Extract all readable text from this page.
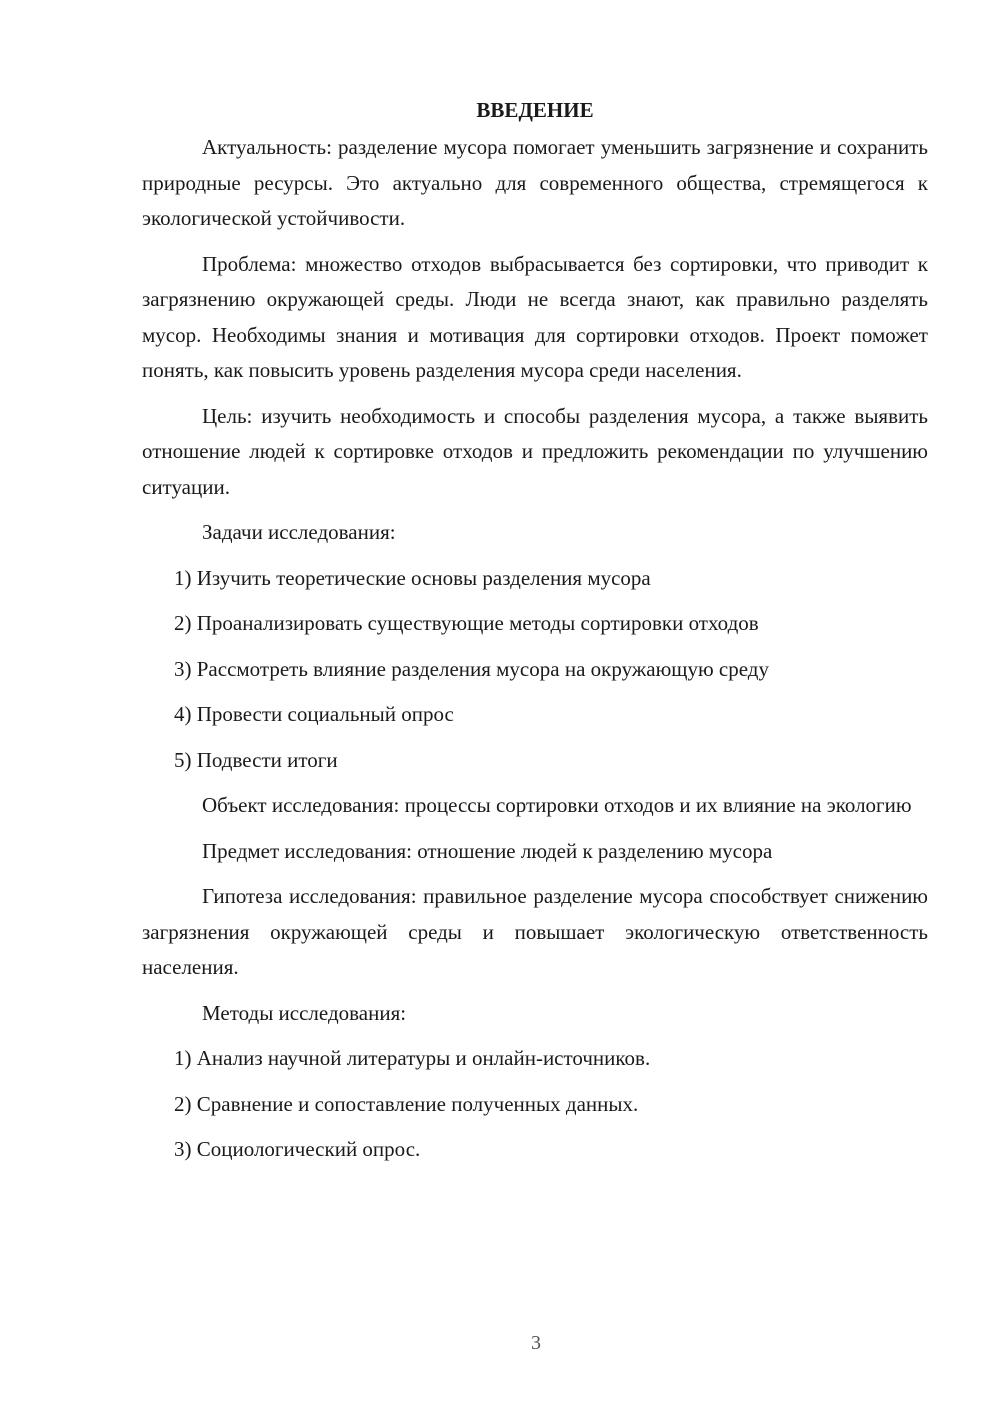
ВВЕДЕНИЕ

Актуальность: разделение мусора помогает уменьшить загрязнение и сохранить природные ресурсы. Это актуально для современного общества, стремящегося к экологической устойчивости.

Проблема: множество отходов выбрасывается без сортировки, что приводит к загрязнению окружающей среды. Люди не всегда знают, как правильно разделять мусор. Необходимы знания и мотивация для сортировки отходов. Проект поможет понять, как повысить уровень разделения мусора среди населения.

Цель: изучить необходимость и способы разделения мусора, а также выявить отношение людей к сортировке отходов и предложить рекомендации по улучшению ситуации.

Задачи исследования:

1) Изучить теоретические основы разделения мусора

2) Проанализировать существующие методы сортировки отходов

3) Рассмотреть влияние разделения мусора на окружающую среду

4) Провести социальный опрос

5) Подвести итоги

Объект исследования: процессы сортировки отходов и их влияние на экологию

Предмет исследования: отношение людей к разделению мусора

Гипотеза исследования: правильное разделение мусора способствует снижению загрязнения окружающей среды и повышает экологическую ответственность населения.

Методы исследования:

1) Анализ научной литературы и онлайн-источников.

2) Сравнение и сопоставление полученных данных.

3) Социологический опрос.

3
